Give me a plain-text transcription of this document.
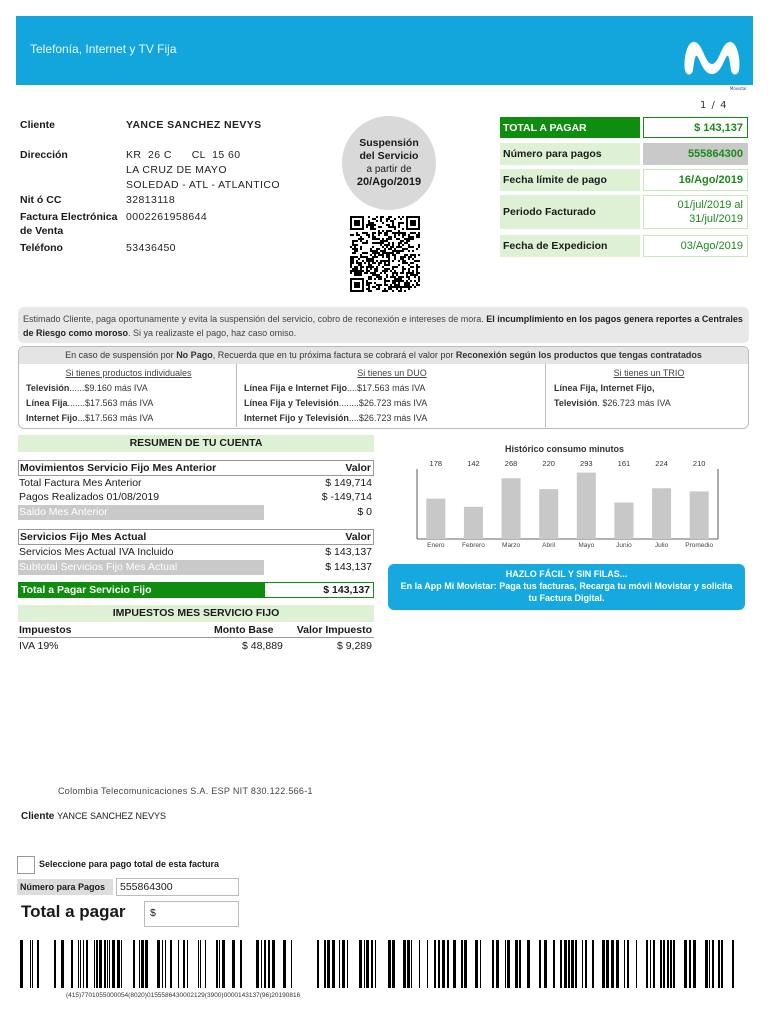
Telefonía, Internet y TV Fija
Movistar
1 / 4
Cliente	YANCE SANCHEZ NEVYS
Dirección	KR  26 C      CL  15 60
LA CRUZ DE MAYO
SOLEDAD - ATL - ATLANTICO
Nit ó CC	32813118
Factura Electrónica
de Venta
0002261958644
Teléfono	53436450
Suspensión
del Servicio
a partir de
20/Ago/2019
TOTAL A PAGAR	$ 143,137
Número para pagos	555864300
Fecha límite de pago	16/Ago/2019
Periodo Facturado
01/jul/2019 al
31/jul/2019
Fecha de Expedicion	03/Ago/2019
Estimado Cliente, paga oportunamente y evita la suspensión del servicio, cobro de reconexión e intereses de mora. El incumplimiento en los pagos genera reportes a Centrales de Riesgo como moroso. Si ya realizaste el pago, haz caso omiso.
En caso de suspensión por No Pago, Recuerda que en tu próxima factura se cobrará el valor por Reconexión según los productos que tengas contratados
Si tienes productos individuales
Televisión......$9.160 más IVA
Línea Fija.......$17.563 más IVA
Internet Fijo...$17.563 más IVA
Si tienes un DUO
Línea Fija e Internet Fijo....$17.563 más IVA
Línea Fija y Televisión........$26.723 más IVA
Internet Fijo y Televisión....$26.723 más IVA
Si tienes un TRIO
Línea Fija, Internet Fijo,
Televisión. $26.723 más IVA
RESUMEN DE TU CUENTA
Movimientos Servicio Fijo Mes Anterior	Valor
Total Factura Mes Anterior	$ 149,714
Pagos Realizados 01/08/2019	$ -149,714
Saldo Mes Anterior	$ 0
Servicios Fijo Mes Actual	Valor
Servicios Mes Actual IVA Incluido	$ 143,137
Subtotal Servicios Fijo Mes Actual	$ 143,137
Total a Pagar Servicio Fijo	$ 143,137
IMPUESTOS MES SERVICIO FIJO
Impuestos	Monto Base Valor Impuesto
IVA 19%	$ 48,889	$ 9,289
Histórico consumo minutos
178
Enero
142
Febrero
268
Marzo
220
Abril
293
Mayo
161
Junio
224
Julio
210
Promedio
HAZLO FÁCIL Y SIN FILAS...
En la App Mi Movistar: Paga tus facturas, Recarga tu móvil Movistar y solicita
tu Factura Digital.
Colombia Telecomunicaciones S.A. ESP NIT 830.122.566-1
Cliente YANCE SANCHEZ NEVYS
Seleccione para pago total de esta factura
Número para Pagos	555864300
Total a pagar	$
(415)7701055000054(8020)0155586430002129(3900)0000143137(96)20190816
